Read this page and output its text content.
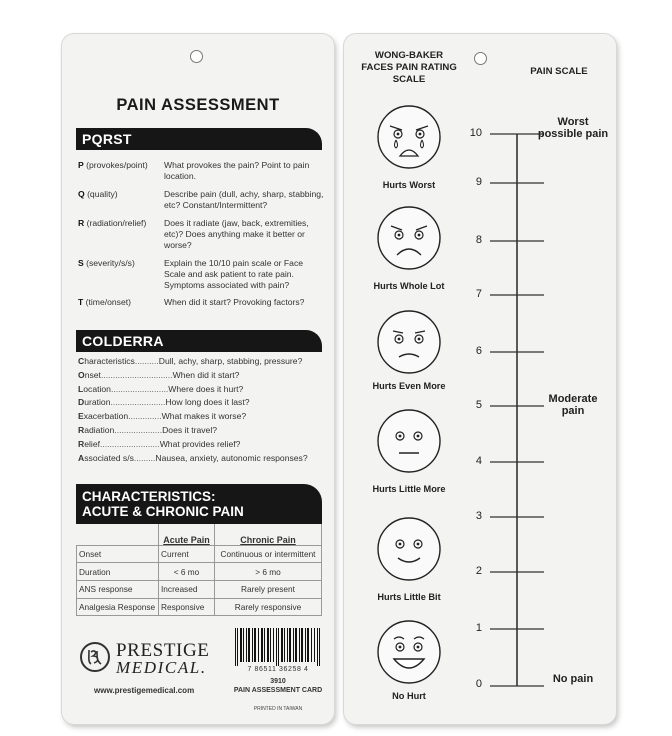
PAIN ASSESSMENT
PQRST
P (provokes/point)	What provokes the pain? Point to pain location.
Q (quality)	Describe pain (dull, achy, sharp, stabbing, etc? Constant/Intermittent?
R (radiation/relief)	Does it radiate (jaw, back, extremities, etc)? Does anything make it better or worse?
S (severity/s/s)	Explain the 10/10 pain scale or Face Scale and ask patient to rate pain. Symptoms associated with pain?
T (time/onset)	When did it start? Provoking factors?
COLDERRA
C haracteristics .......... Dull, achy, sharp, stabbing, pressure?
O nset .............................. When did it start?
L ocation ........................ Where does it hurt?
D uration ....................... How long does it last?
E xacerbation .............. What makes it worse?
R adiation .................... Does it travel?
R elief ......................... What provides relief?
A ssociated s/s ......... Nausea, anxiety, autonomic responses?
CHARACTERISTICS:
ACUTE & CHRONIC PAIN
	Acute Pain	Chronic Pain
Onset	Current	Continuous or intermittent
Duration	< 6 mo	> 6 mo
ANS response	Increased	Rarely present
Analgesia Response	Responsive	Rarely responsive
PRESTIGE
MEDICAL.
www.prestigemedical.com
7 86511 36258 4
3910
PAIN ASSESSMENT CARD
PRINTED IN TAIWAN
WONG-BAKER FACES PAIN RATING SCALE
PAIN SCALE
Hurts Worst
Hurts Whole Lot
Hurts Even More
Hurts Little More
Hurts Little Bit
No Hurt
10
9
8
7
6
5
4
3
2
1
0
Worst possible pain
Moderate pain
No pain
